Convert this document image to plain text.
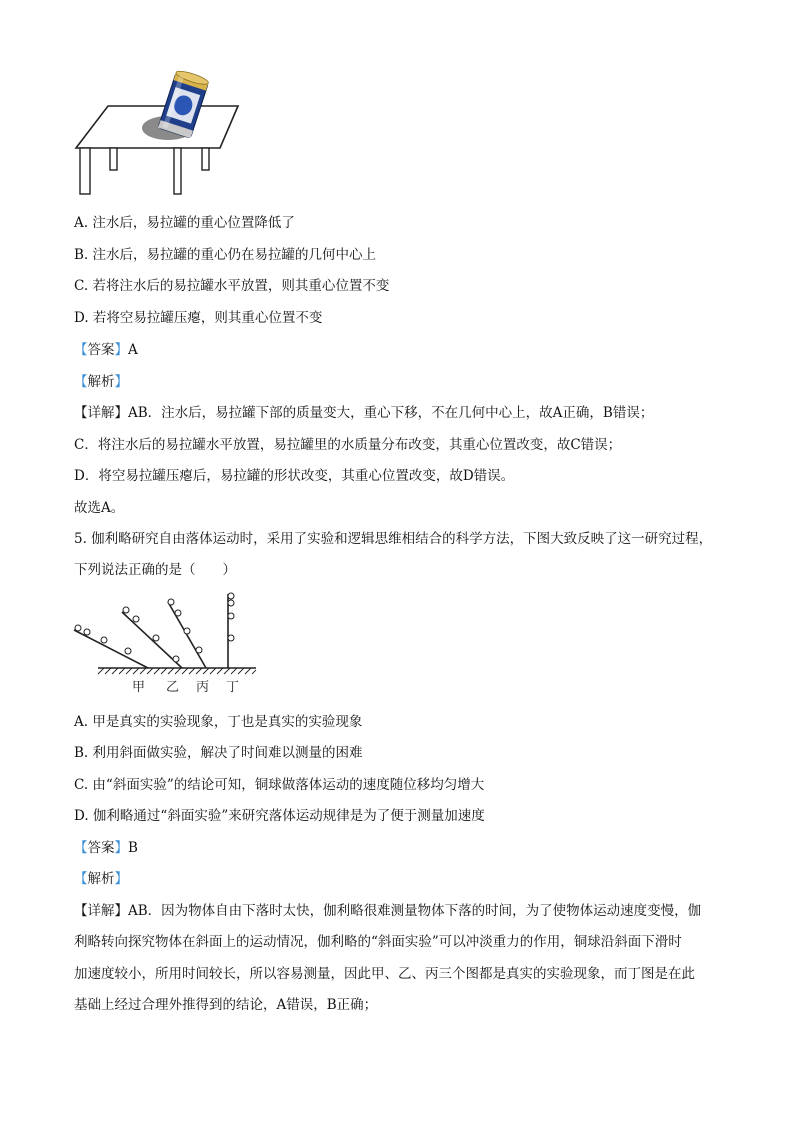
A. 注水后，易拉罐的重心位置降低了
B. 注水后，易拉罐的重心仍在易拉罐的几何中心上
C. 若将注水后的易拉罐水平放置，则其重心位置不变
D. 若将空易拉罐压瘪，则其重心位置不变
【答案】A
【解析】
【详解】AB．注水后，易拉罐下部的质量变大，重心下移，不在几何中心上，故A正确，B错误；
C．将注水后的易拉罐水平放置，易拉罐里的水质量分布改变，其重心位置改变，故C错误；
D．将空易拉罐压瘪后，易拉罐的形状改变，其重心位置改变，故D错误。
故选A。
5. 伽利略研究自由落体运动时，采用了实验和逻辑思维相结合的科学方法，下图大致反映了这一研究过程，
下列说法正确的是（　　）
甲 乙 丙 丁
A. 甲是真实的实验现象，丁也是真实的实验现象
B. 利用斜面做实验，解决了时间难以测量的困难
C. 由“斜面实验”的结论可知，铜球做落体运动的速度随位移均匀增大
D. 伽利略通过“斜面实验”来研究落体运动规律是为了便于测量加速度
【答案】B
【解析】
【详解】AB．因为物体自由下落时太快，伽利略很难测量物体下落的时间，为了使物体运动速度变慢，伽
利略转向探究物体在斜面上的运动情况，伽利略的“斜面实验”可以冲淡重力的作用，铜球沿斜面下滑时
加速度较小，所用时间较长，所以容易测量，因此甲、乙、丙三个图都是真实的实验现象，而丁图是在此
基础上经过合理外推得到的结论，A错误，B正确；
